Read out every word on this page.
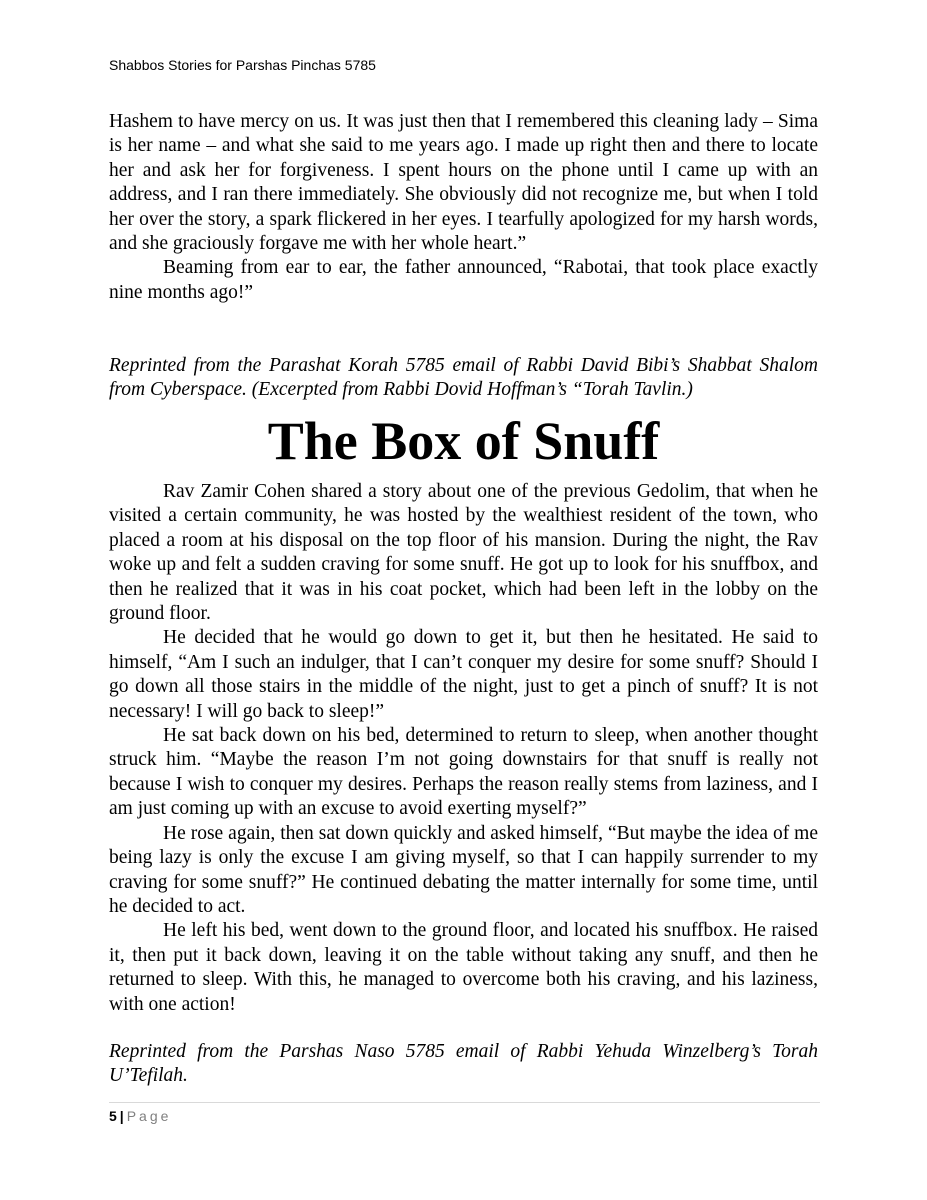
Shabbos Stories for Parshas Pinchas 5785

Hashem to have mercy on us. It was just then that I remembered this cleaning lady – Sima is her name – and what she said to me years ago. I made up right then and there to locate her and ask her for forgiveness. I spent hours on the phone until I came up with an address, and I ran there immediately. She obviously did not recognize me, but when I told her over the story, a spark flickered in her eyes. I tearfully apologized for my harsh words, and she graciously forgave me with her whole heart.”

Beaming from ear to ear, the father announced, “Rabotai, that took place exactly nine months ago!”

Reprinted from the Parashat Korah 5785 email of Rabbi David Bibi’s Shabbat Shalom from Cyberspace. (Excerpted from Rabbi Dovid Hoffman’s “Torah Tavlin.)

The Box of Snuff

Rav Zamir Cohen shared a story about one of the previous Gedolim, that when he visited a certain community, he was hosted by the wealthiest resident of the town, who placed a room at his disposal on the top floor of his mansion. During the night, the Rav woke up and felt a sudden craving for some snuff. He got up to look for his snuffbox, and then he realized that it was in his coat pocket, which had been left in the lobby on the ground floor.

He decided that he would go down to get it, but then he hesitated. He said to himself, “Am I such an indulger, that I can’t conquer my desire for some snuff? Should I go down all those stairs in the middle of the night, just to get a pinch of snuff? It is not necessary! I will go back to sleep!”

He sat back down on his bed, determined to return to sleep, when another thought struck him. “Maybe the reason I’m not going downstairs for that snuff is really not because I wish to conquer my desires. Perhaps the reason really stems from laziness, and I am just coming up with an excuse to avoid exerting myself?”

He rose again, then sat down quickly and asked himself, “But maybe the idea of me being lazy is only the excuse I am giving myself, so that I can happily surrender to my craving for some snuff?” He continued debating the matter internally for some time, until he decided to act.

He left his bed, went down to the ground floor, and located his snuffbox. He raised it, then put it back down, leaving it on the table without taking any snuff, and then he returned to sleep. With this, he managed to overcome both his craving, and his laziness, with one action!

Reprinted from the Parshas Naso 5785 email of Rabbi Yehuda Winzelberg’s Torah U’Tefilah.

5 | Page
